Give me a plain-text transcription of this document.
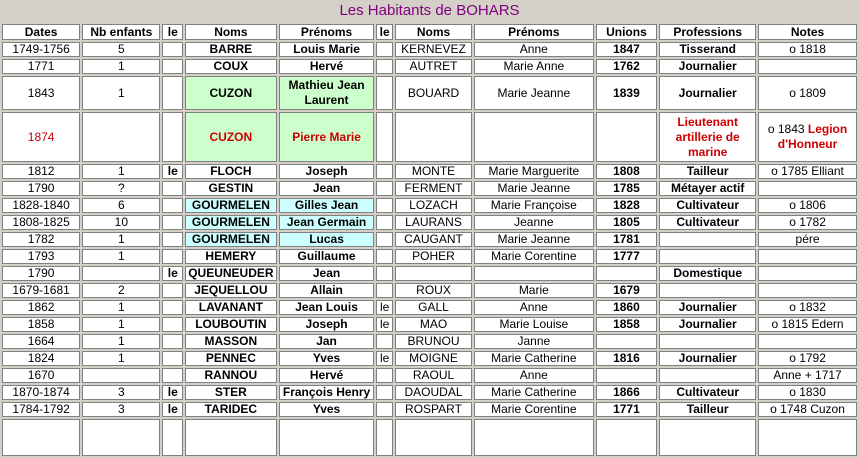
Les Habitants de BOHARS
Dates	Nb enfants	le	Noms	Prénoms	le	Noms	Prénoms	Unions	Professions	Notes
1749-1756	5		BARRE	Louis Marie		KERNEVEZ	Anne	1847	Tisserand	o 1818
1771	1		COUX	Hervé		AUTRET	Marie Anne	1762	Journalier	
1843	1		CUZON	Mathieu Jean Laurent		BOUARD	Marie Jeanne	1839	Journalier	o 1809
1874			CUZON	Pierre Marie					Lieutenant artillerie de marine	o 1843 Legion d'Honneur
1812	1	le	FLOCH	Joseph		MONTE	Marie Marguerite	1808	Tailleur	o 1785 Elliant
1790	?		GESTIN	Jean		FERMENT	Marie Jeanne	1785	Métayer actif	
1828-1840	6		GOURMELEN	Gilles Jean		LOZACH	Marie Françoise	1828	Cultivateur	o 1806
1808-1825	10		GOURMELEN	Jean Germain		LAURANS	Jeanne	1805	Cultivateur	o 1782
1782	1		GOURMELEN	Lucas		CAUGANT	Marie Jeanne	1781		pére
1793	1		HEMERY	Guillaume		POHER	Marie Corentine	1777		
1790		le	QUEUNEUDER	Jean					Domestique	
1679-1681	2		JEQUELLOU	Allain		ROUX	Marie	1679		
1862	1		LAVANANT	Jean Louis	le	GALL	Anne	1860	Journalier	o 1832
1858	1		LOUBOUTIN	Joseph	le	MAO	Marie Louise	1858	Journalier	o 1815 Edern
1664	1		MASSON	Jan		BRUNOU	Janne			
1824	1		PENNEC	Yves	le	MOIGNE	Marie Catherine	1816	Journalier	o 1792
1670			RANNOU	Hervé		RAOUL	Anne			Anne + 1717
1870-1874	3	le	STER	François Henry		DAOUDAL	Marie Catherine	1866	Cultivateur	o 1830
1784-1792	3	le	TARIDEC	Yves		ROSPART	Marie Corentine	1771	Tailleur	o 1748 Cuzon
